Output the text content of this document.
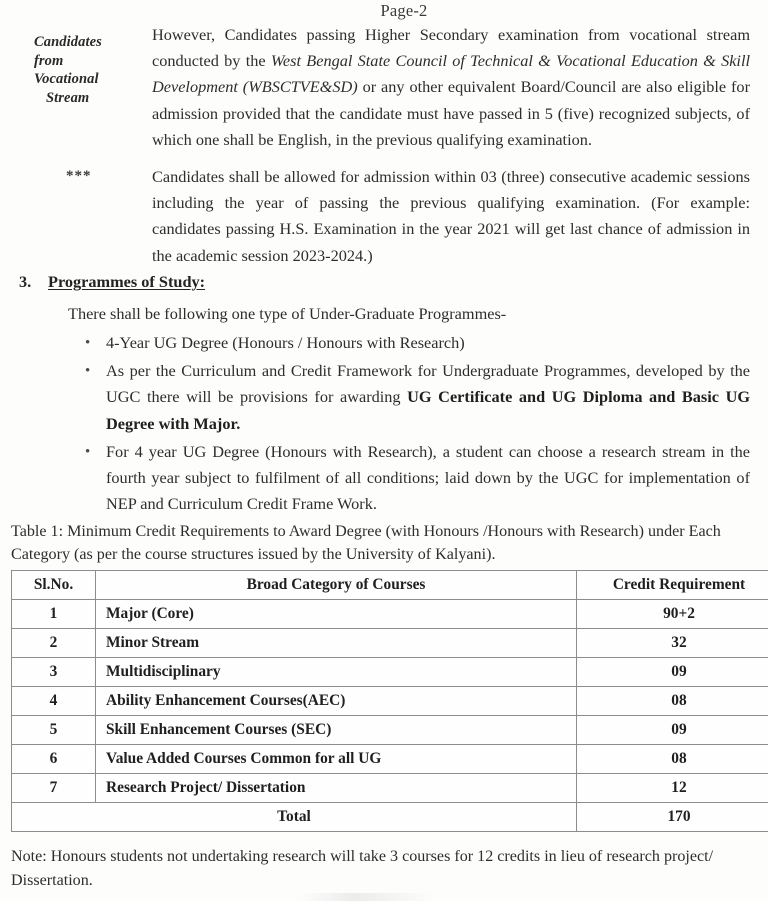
Page-2
Candidates
from
Vocational
Stream

However, Candidates passing Higher Secondary examination from vocational stream conducted by the West Bengal State Council of Technical & Vocational Education & Skill Development (WBSCTVE&SD) or any other equivalent Board/Council are also eligible for admission provided that the candidate must have passed in 5 (five) recognized subjects, of which one shall be English, in the previous qualifying examination.

***	Candidates shall be allowed for admission within 03 (three) consecutive academic sessions including the year of passing the previous qualifying examination. (For example: candidates passing H.S. Examination in the year 2021 will get last chance of admission in the academic session 2023-2024.)
3. Programmes of Study:
There shall be following one type of Under-Graduate Programmes-
• 4-Year UG Degree (Honours / Honours with Research)
• As per the Curriculum and Credit Framework for Undergraduate Programmes, developed by the UGC there will be provisions for awarding UG Certificate and UG Diploma and Basic UG Degree with Major.
• For 4 year UG Degree (Honours with Research), a student can choose a research stream in the fourth year subject to fulfilment of all conditions; laid down by the UGC for implementation of NEP and Curriculum Credit Frame Work.
Table 1: Minimum Credit Requirements to Award Degree (with Honours /Honours with Research) under Each Category (as per the course structures issued by the University of Kalyani).
Sl.No.	Broad Category of Courses	Credit Requirement
1	Major (Core)	90+2
2	Minor Stream	32
3	Multidisciplinary	09
4	Ability Enhancement Courses(AEC)	08
5	Skill Enhancement Courses (SEC)	09
6	Value Added Courses Common for all UG	08
7	Research Project/ Dissertation	12
Total		170
Note: Honours students not undertaking research will take 3 courses for 12 credits in lieu of research project/ Dissertation.
